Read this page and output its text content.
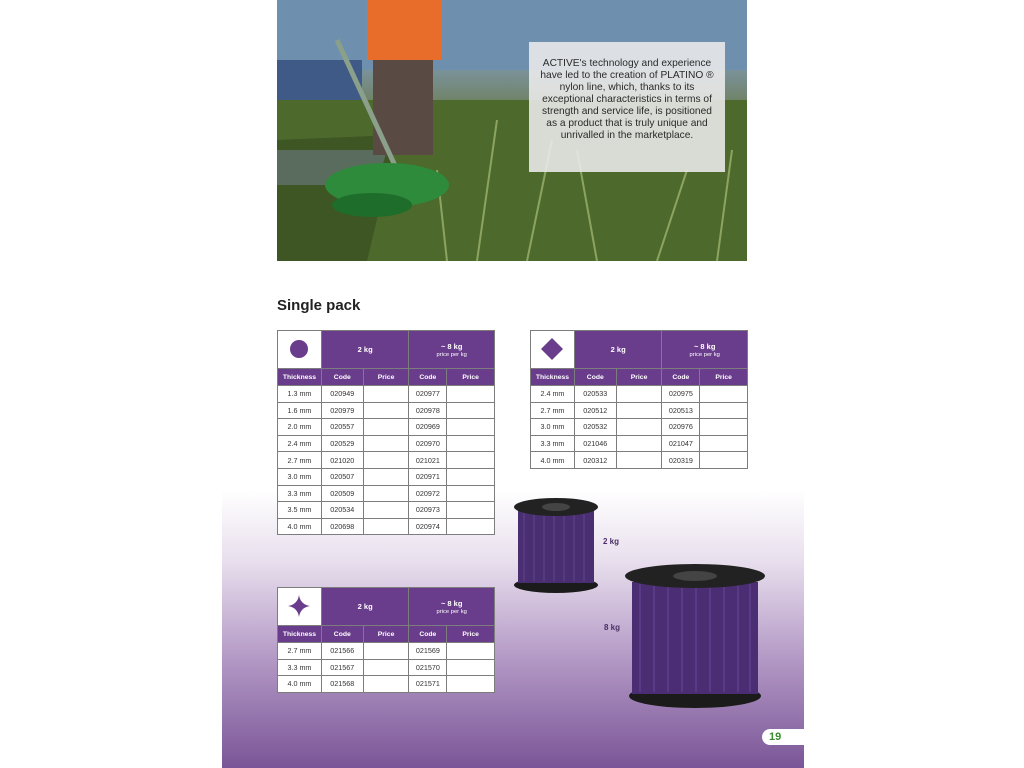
ACTIVE's technology and experience have led to the creation of PLATINO ® nylon line, which, thanks to its exceptional characteristics in terms of strength and service life, is positioned as a product that is truly unique and unrivalled in the marketplace.
Single pack
	2 kg		~ 8 kg
price per kg	

Thickness	Code	Price	Code	Price
1.3 mm	020949		020977	
1.6 mm	020979		020978	
2.0 mm	020557		020969	
2.4 mm	020529		020970	
2.7 mm	021020		021021	
3.0 mm	020507		020971	
3.3 mm	020509		020972	
3.5 mm	020534		020973	
4.0 mm	020698		020974	
	2 kg		~ 8 kg
price per kg	

Thickness	Code	Price	Code	Price
2.4 mm	020533		020975	
2.7 mm	020512		020513	
3.0 mm	020532		020976	
3.3 mm	021046		021047	
4.0 mm	020312		020319	
	2 kg		~ 8 kg
price per kg	

Thickness	Code	Price	Code	Price
2.7 mm	021566		021569	
3.3 mm	021567		021570	
4.0 mm	021568		021571	
2 kg
8 kg
19
